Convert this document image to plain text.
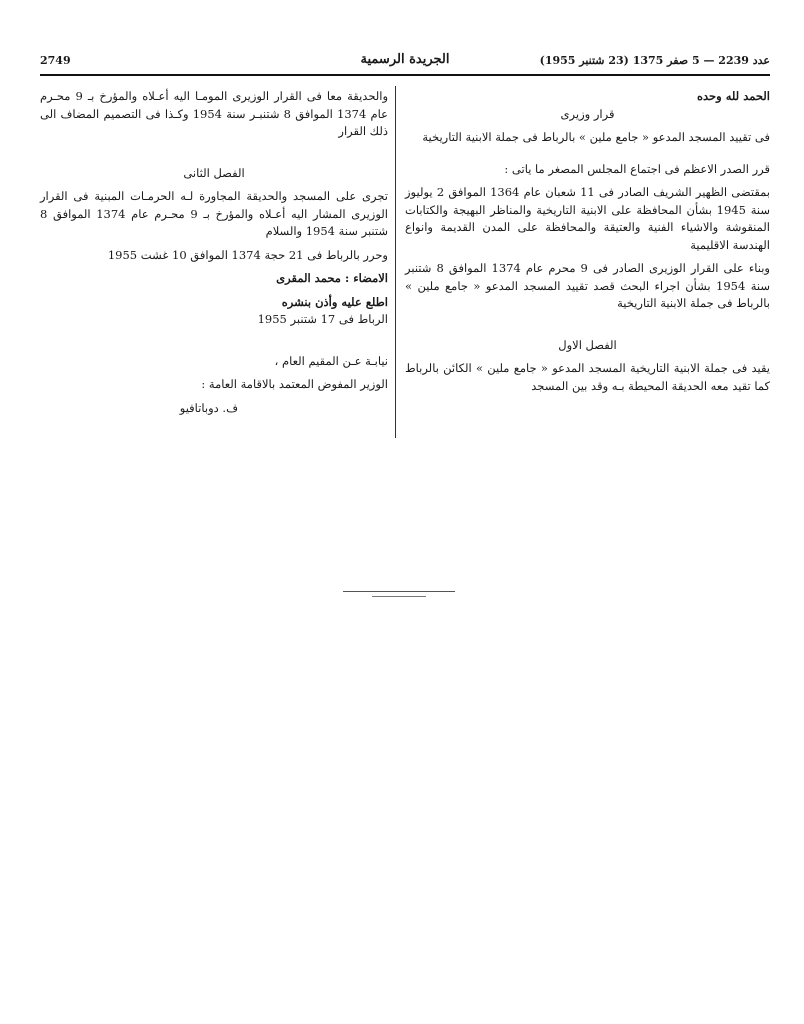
عدد 2239 — 5 صفر 1375 (23 شتنبر 1955)
الجريدة الرسمية
2749

الحمد لله وحده

قرار وزيرى

فى تقييد المسجد المدعو « جامع ملين » بالرباط فى جملة الابنية التاريخية

قرر الصدر الاعظم فى اجتماع المجلس المصغر ما ياتى :

بمقتضى الظهير الشريف الصادر فى 11 شعبان عام 1364 الموافق 2 يوليوز سنة 1945 بشأن المحافظة على الابنية التاريخية والمناظر البهيجة والكتابات المنقوشة والاشياء الفنية والعتيقة والمحافظة على المدن القديمة وانواع الهندسة الاقليمية

وبناء على القرار الوزيرى الصادر فى 9 محرم عام 1374 الموافق 8 شتنبر سنة 1954 بشأن اجراء البحث قصد تقييد المسجد المدعو « جامع ملين » بالرباط فى جملة الابنية التاريخية

الفصل الاول

يقيد فى جملة الابنية التاريخية المسجد المدعو « جامع ملين » الكائن بالرباط كما تقيد معه الحديقة المحيطة بـه وقد بين المسجد

والحديقة معا فى القرار الوزيرى المومـا اليه أعـلاه والمؤرخ بـ 9 محـرم عام 1374 الموافق 8 شتنبـر سنة 1954 وكـذا فى التصميم المضاف الى ذلك القرار

الفصل الثانى

تجرى على المسجد والحديقة المجاورة لـه الحرمـات المبنية فى القرار الوزيرى المشار اليه أعـلاه والمؤرخ بـ 9 محـرم عام 1374 الموافق 8 شتنبر سنة 1954 والسلام

وحرر بالرباط فى 21 حجة 1374 الموافق 10 غشت 1955

الامضاء : محمد المقرى

اطلع عليه وأذن بنشره

الرباط فى 17 شتنبر 1955

نيابـة عـن المقيم العام ،

الوزير المفوض المعتمد بالاقامة العامة :

ف. دوباتافيو
